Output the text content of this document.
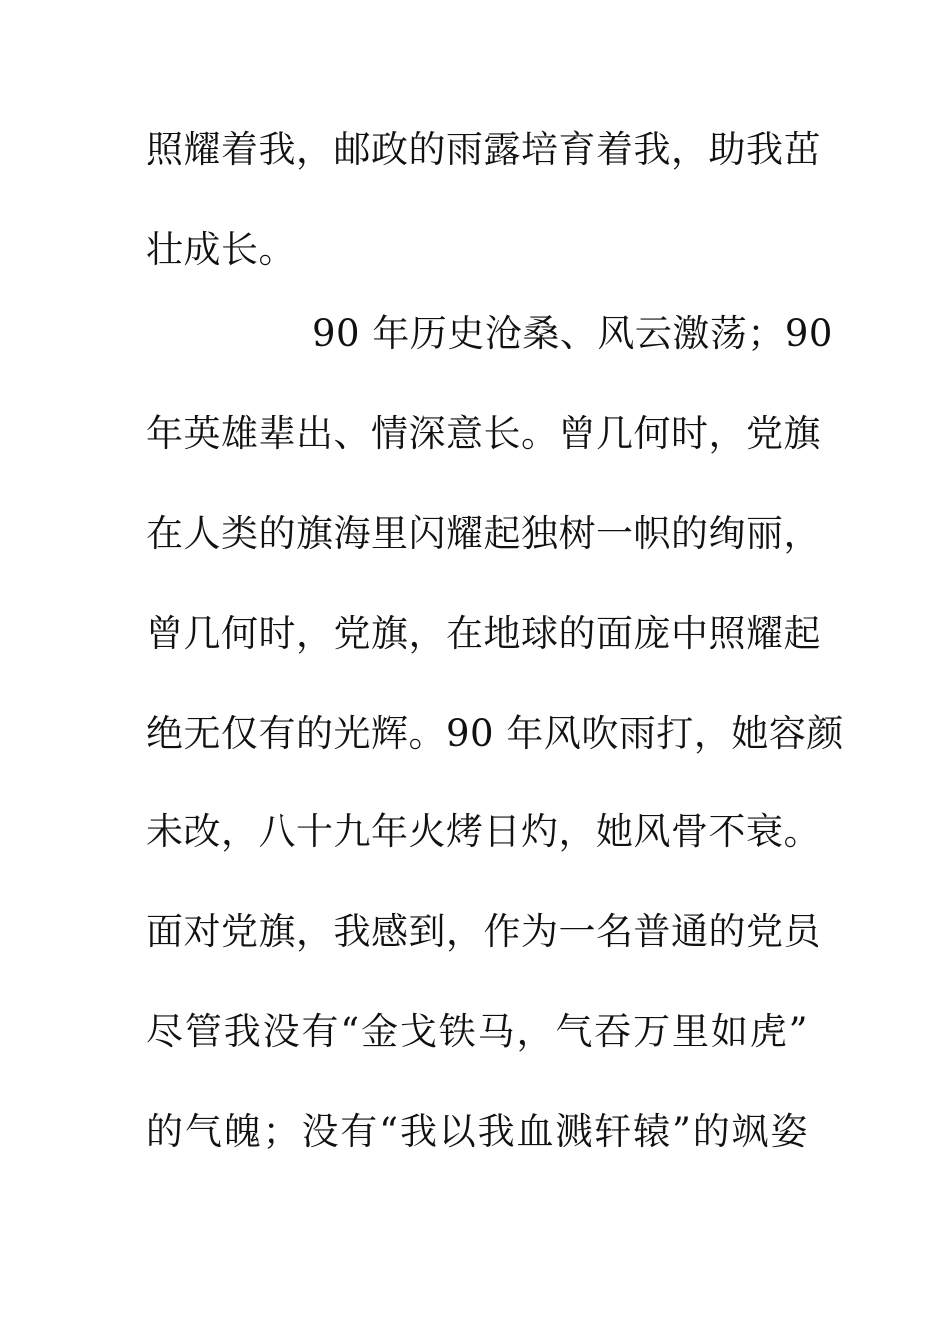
照耀着我，邮政的雨露培育着我，助我茁
壮成长。
90 年历史沧桑、风云激荡；90
年英雄辈出、情深意长。曾几何时，党旗
在人类的旗海里闪耀起独树一帜的绚丽，
曾几何时，党旗，在地球的面庞中照耀起
绝无仅有的光辉。90 年风吹雨打，她容颜
未改，八十九年火烤日灼，她风骨不衰。
面对党旗，我感到，作为一名普通的党员
尽管我没有“金戈铁马，气吞万里如虎”
的气魄；没有“我以我血溅轩辕”的飒姿
